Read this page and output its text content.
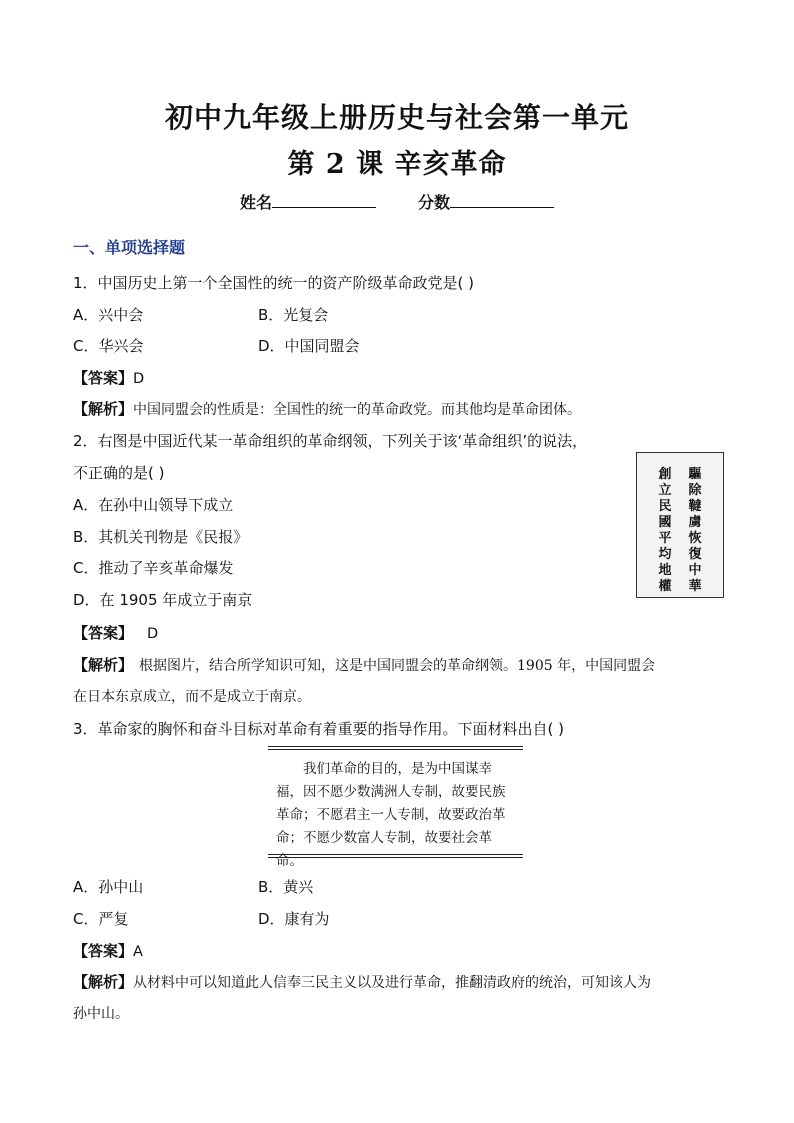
初中九年级上册历史与社会第一单元
第 2 课 辛亥革命
姓名	分数
一、单项选择题
1．中国历史上第一个全国性的统一的资产阶级革命政党是( )
A．兴中会	B．光复会
C．华兴会	D．中国同盟会
【答案】D
【解析】中国同盟会的性质是：全国性的统一的革命政党。而其他均是革命团体。
2．右图是中国近代某一革命组织的革命纲领，下列关于该‘革命组织’的说法，
不正确的是( )
A．在孙中山领导下成立
B．其机关刊物是《民报》
C．推动了辛亥革命爆发
D．在 1905 年成立于南京
驅除韃虜恢復中華
創立民國平均地權
【答案】 D
【解析】 根据图片，结合所学知识可知，这是中国同盟会的革命纲领。1905 年，中国同盟会
在日本东京成立，而不是成立于南京。
3．革命家的胸怀和奋斗目标对革命有着重要的指导作用。下面材料出自( )
我们革命的目的，是为中国谋幸福，因不愿少数满洲人专制，故要民族革命；不愿君主一人专制，故要政治革命；不愿少数富人专制，故要社会革命。
A．孙中山	B．黄兴
C．严复	D．康有为
【答案】A
【解析】从材料中可以知道此人信奉三民主义以及进行革命，推翻清政府的统治，可知该人为
孙中山。
